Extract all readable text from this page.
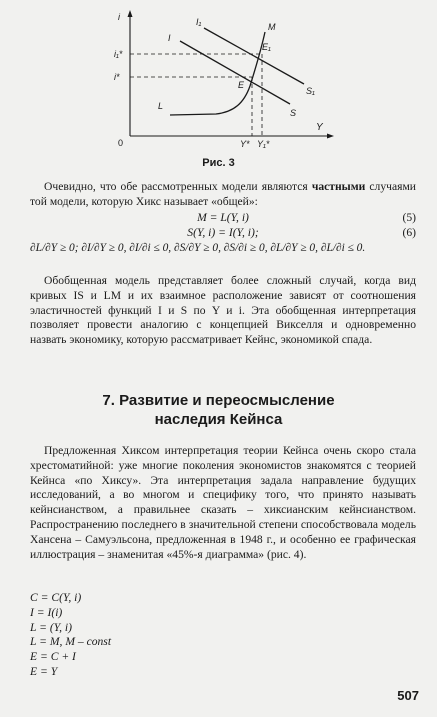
i
Y
0
i₁*
i*
Y* Y₁*
L
M
I
I₁
S
S₁
E
E₁
Рис. 3

Очевидно, что обе рассмотренных модели являются частными случаями той модели, которую Хикс называет «общей»:

M = L(Y, i)	(5)
S(Y, i) = I(Y, i);	(6)
∂L/∂Y ≥ 0; ∂I/∂Y ≥ 0, ∂I/∂i ≤ 0, ∂S/∂Y ≥ 0, ∂S/∂i ≥ 0, ∂L/∂Y ≥ 0, ∂L/∂i ≤ 0.
Обобщенная модель представляет более сложный случай, когда вид кривых IS и LM и их взаимное расположение зависят от соотношения эластичностей функций I и S по Y и i. Эта обобщенная интерпретация позволяет провести аналогию с концепцией Викселля и одновременно назвать экономику, которую рассматривает Кейнс, экономикой спада.
7. Развитие и переосмысление
наследия Кейнса
Предложенная Хиксом интерпретация теории Кейнса очень скоро стала хрестоматийной: уже многие поколения экономистов знакомятся с теорией Кейнса «по Хиксу». Эта интерпретация задала направление будущих исследований, а во многом и специфику того, что принято называть кейнсианством, а правильнее сказать – хиксианским кейнсианством. Распространению последнего в значительной степени способствовала модель Хансена – Самуэльсона, предложенная в 1948 г., и особенно ее графическая иллюстрация – знаменитая «45%-я диаграмма» (рис. 4).
C = C(Y, i)
I = I(i)
L = (Y, i)
L = M, M – const
E = C + I
E = Y
507
